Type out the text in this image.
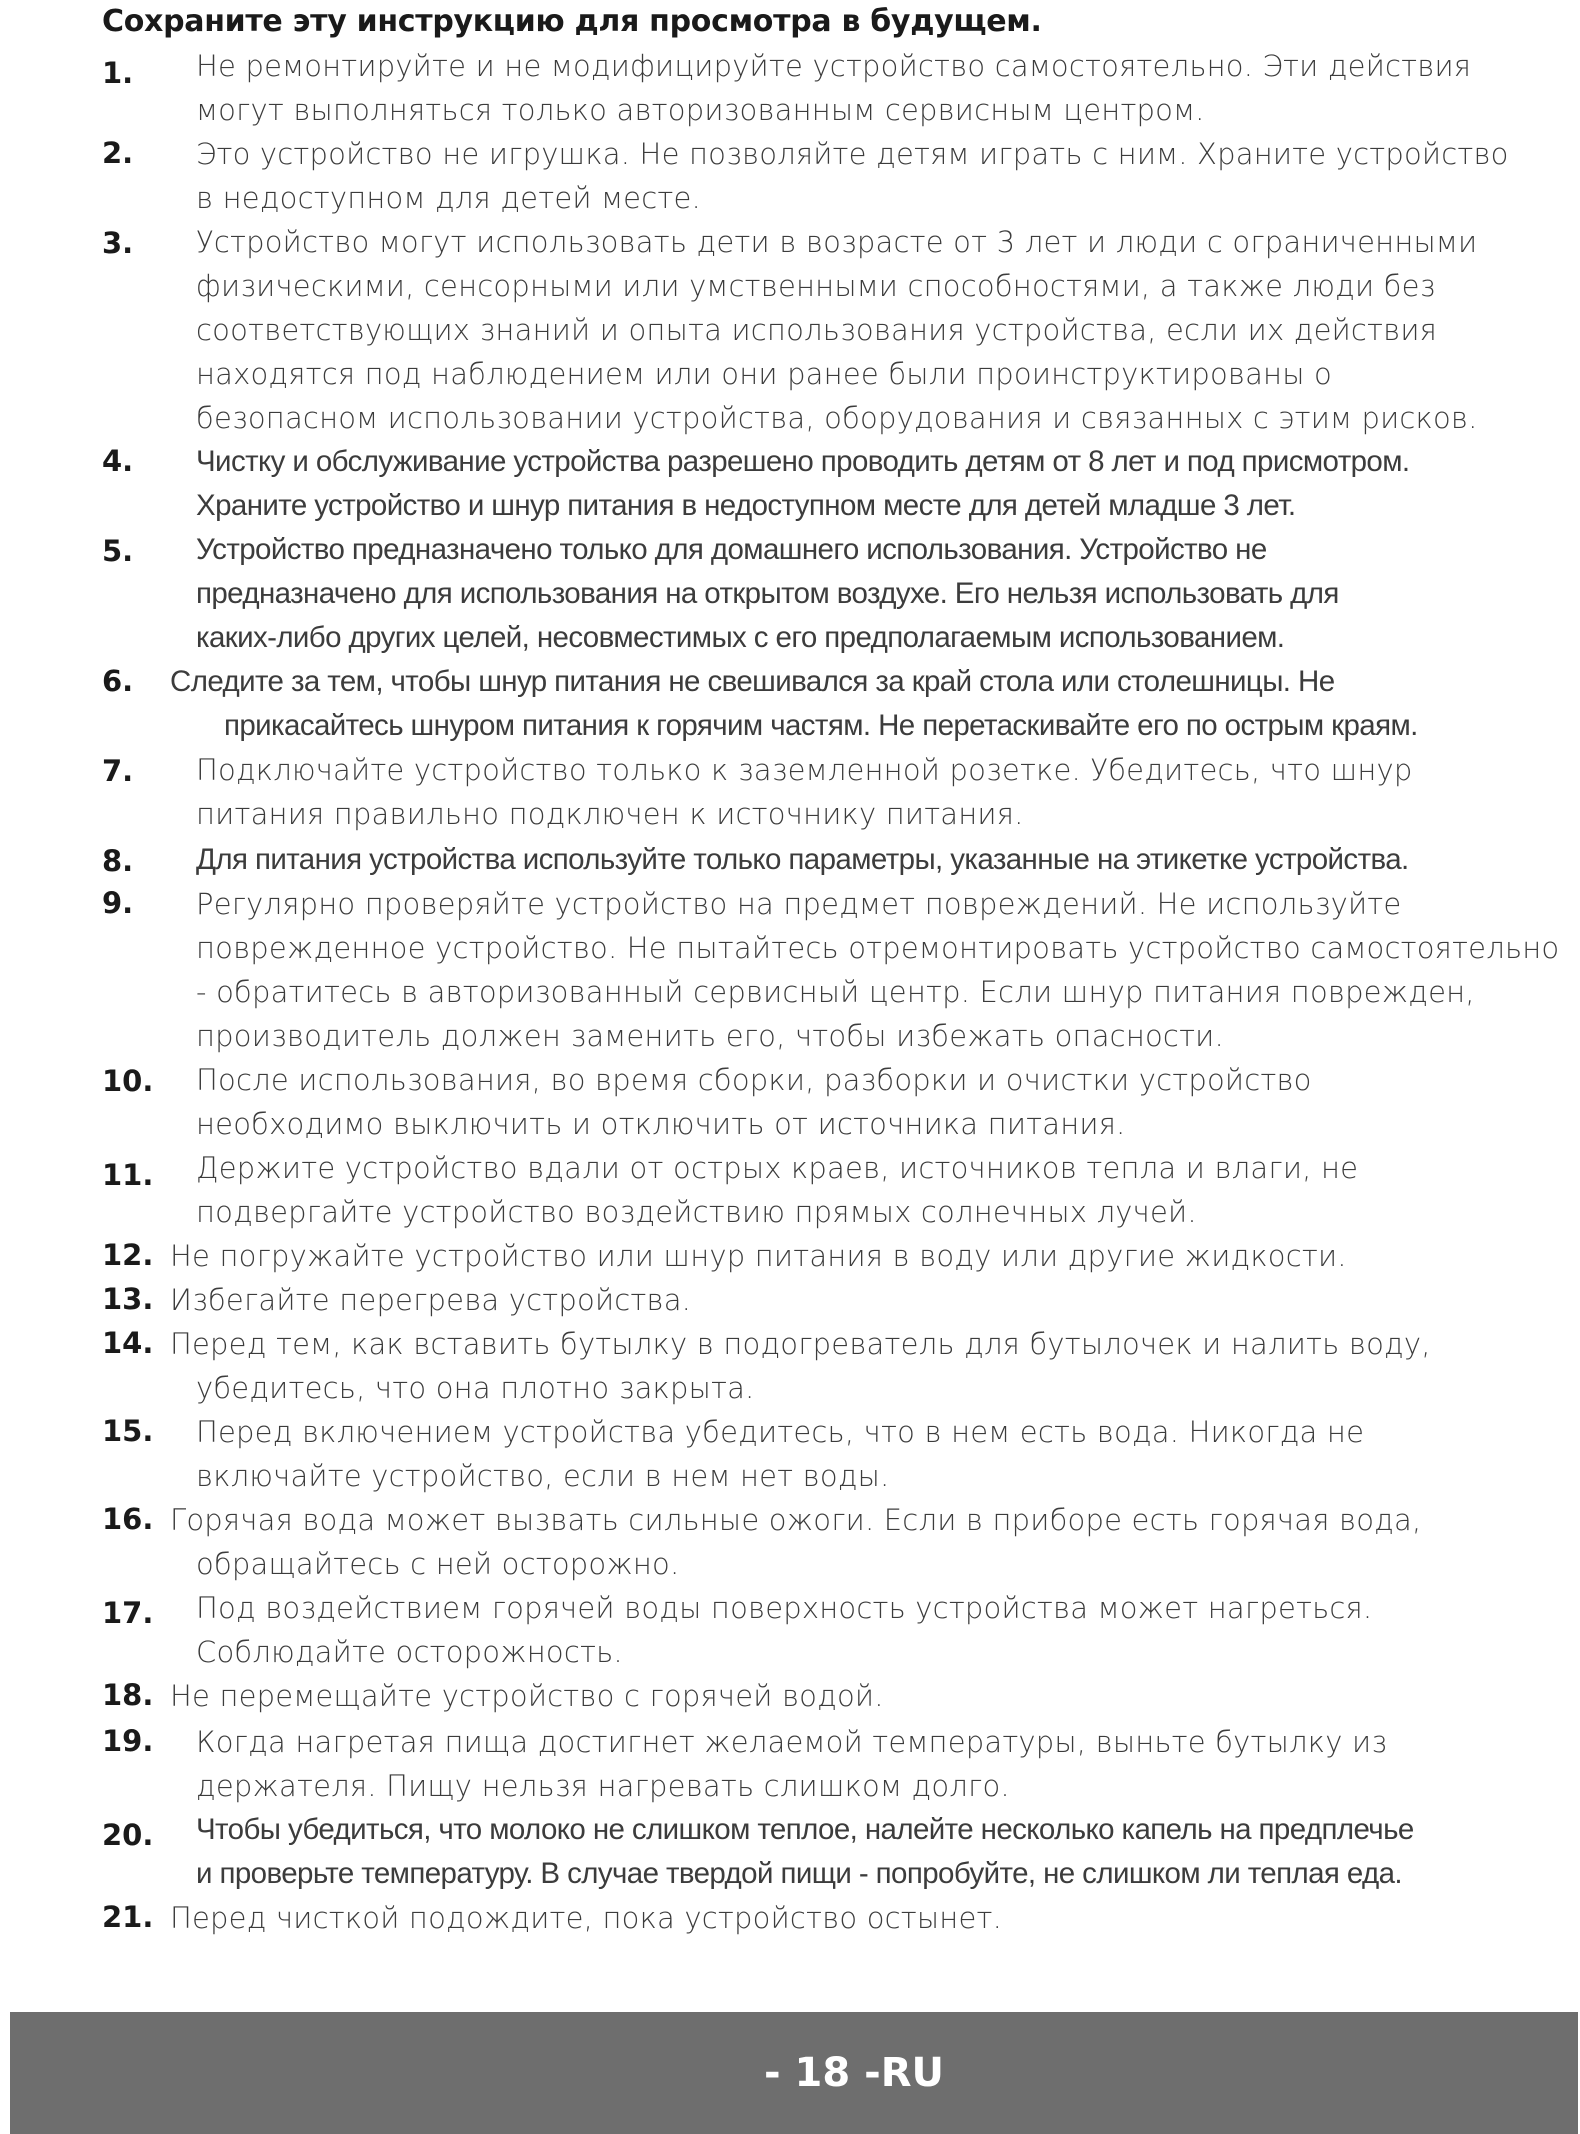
Сохраните эту инструкцию для просмотра в будущем.
1. Не ремонтируйте и не модифицируйте устройство самостоятельно. Эти действия
могут выполняться только авторизованным сервисным центром.
2. Это устройство не игрушка. Не позволяйте детям играть с ним. Храните устройство
в недоступном для детей месте.
3. Устройство могут использовать дети в возрасте от 3 лет и люди с ограниченными
физическими, сенсорными или умственными способностями, а также люди без
соответствующих знаний и опыта использования устройства, если их действия
находятся под наблюдением или они ранее были проинструктированы о
безопасном использовании устройства, оборудования и связанных с этим рисков.
4. Чистку и обслуживание устройства разрешено проводить детям от 8 лет и под присмотром.
Храните устройство и шнур питания в недоступном месте для детей младше 3 лет.
5. Устройство предназначено только для домашнего использования. Устройство не
предназначено для использования на открытом воздухе. Его нельзя использовать для
каких-либо других целей, несовместимых с его предполагаемым использованием.
6. Следите за тем, чтобы шнур питания не свешивался за край стола или столешницы. Не
прикасайтесь шнуром питания к горячим частям. Не перетаскивайте его по острым краям.
7. Подключайте устройство только к заземленной розетке. Убедитесь, что шнур
питания правильно подключен к источнику питания.
8. Для питания устройства используйте только параметры, указанные на этикетке устройства.
9. Регулярно проверяйте устройство на предмет повреждений. Не используйте
поврежденное устройство. Не пытайтесь отремонтировать устройство самостоятельно
- обратитесь в авторизованный сервисный центр. Если шнур питания поврежден,
производитель должен заменить его, чтобы избежать опасности.
10. После использования, во время сборки, разборки и очистки устройство
необходимо выключить и отключить от источника питания.
11. Держите устройство вдали от острых краев, источников тепла и влаги, не
подвергайте устройство воздействию прямых солнечных лучей.
12. Не погружайте устройство или шнур питания в воду или другие жидкости.
13. Избегайте перегрева устройства.
14. Перед тем, как вставить бутылку в подогреватель для бутылочек и налить воду,
убедитесь, что она плотно закрыта.
15. Перед включением устройства убедитесь, что в нем есть вода. Никогда не
включайте устройство, если в нем нет воды.
16. Горячая вода может вызвать сильные ожоги. Если в приборе есть горячая вода,
обращайтесь с ней осторожно.
17. Под воздействием горячей воды поверхность устройства может нагреться.
Соблюдайте осторожность.
18. Не перемещайте устройство с горячей водой.
19. Когда нагретая пища достигнет желаемой температуры, выньте бутылку из
держателя. Пищу нельзя нагревать слишком долго.
20. Чтобы убедиться, что молоко не слишком теплое, налейте несколько капель на предплечье
и проверьте температуру. В случае твердой пищи - попробуйте, не слишком ли теплая еда.
21. Перед чисткой подождите, пока устройство остынет.
- 18 -RU
